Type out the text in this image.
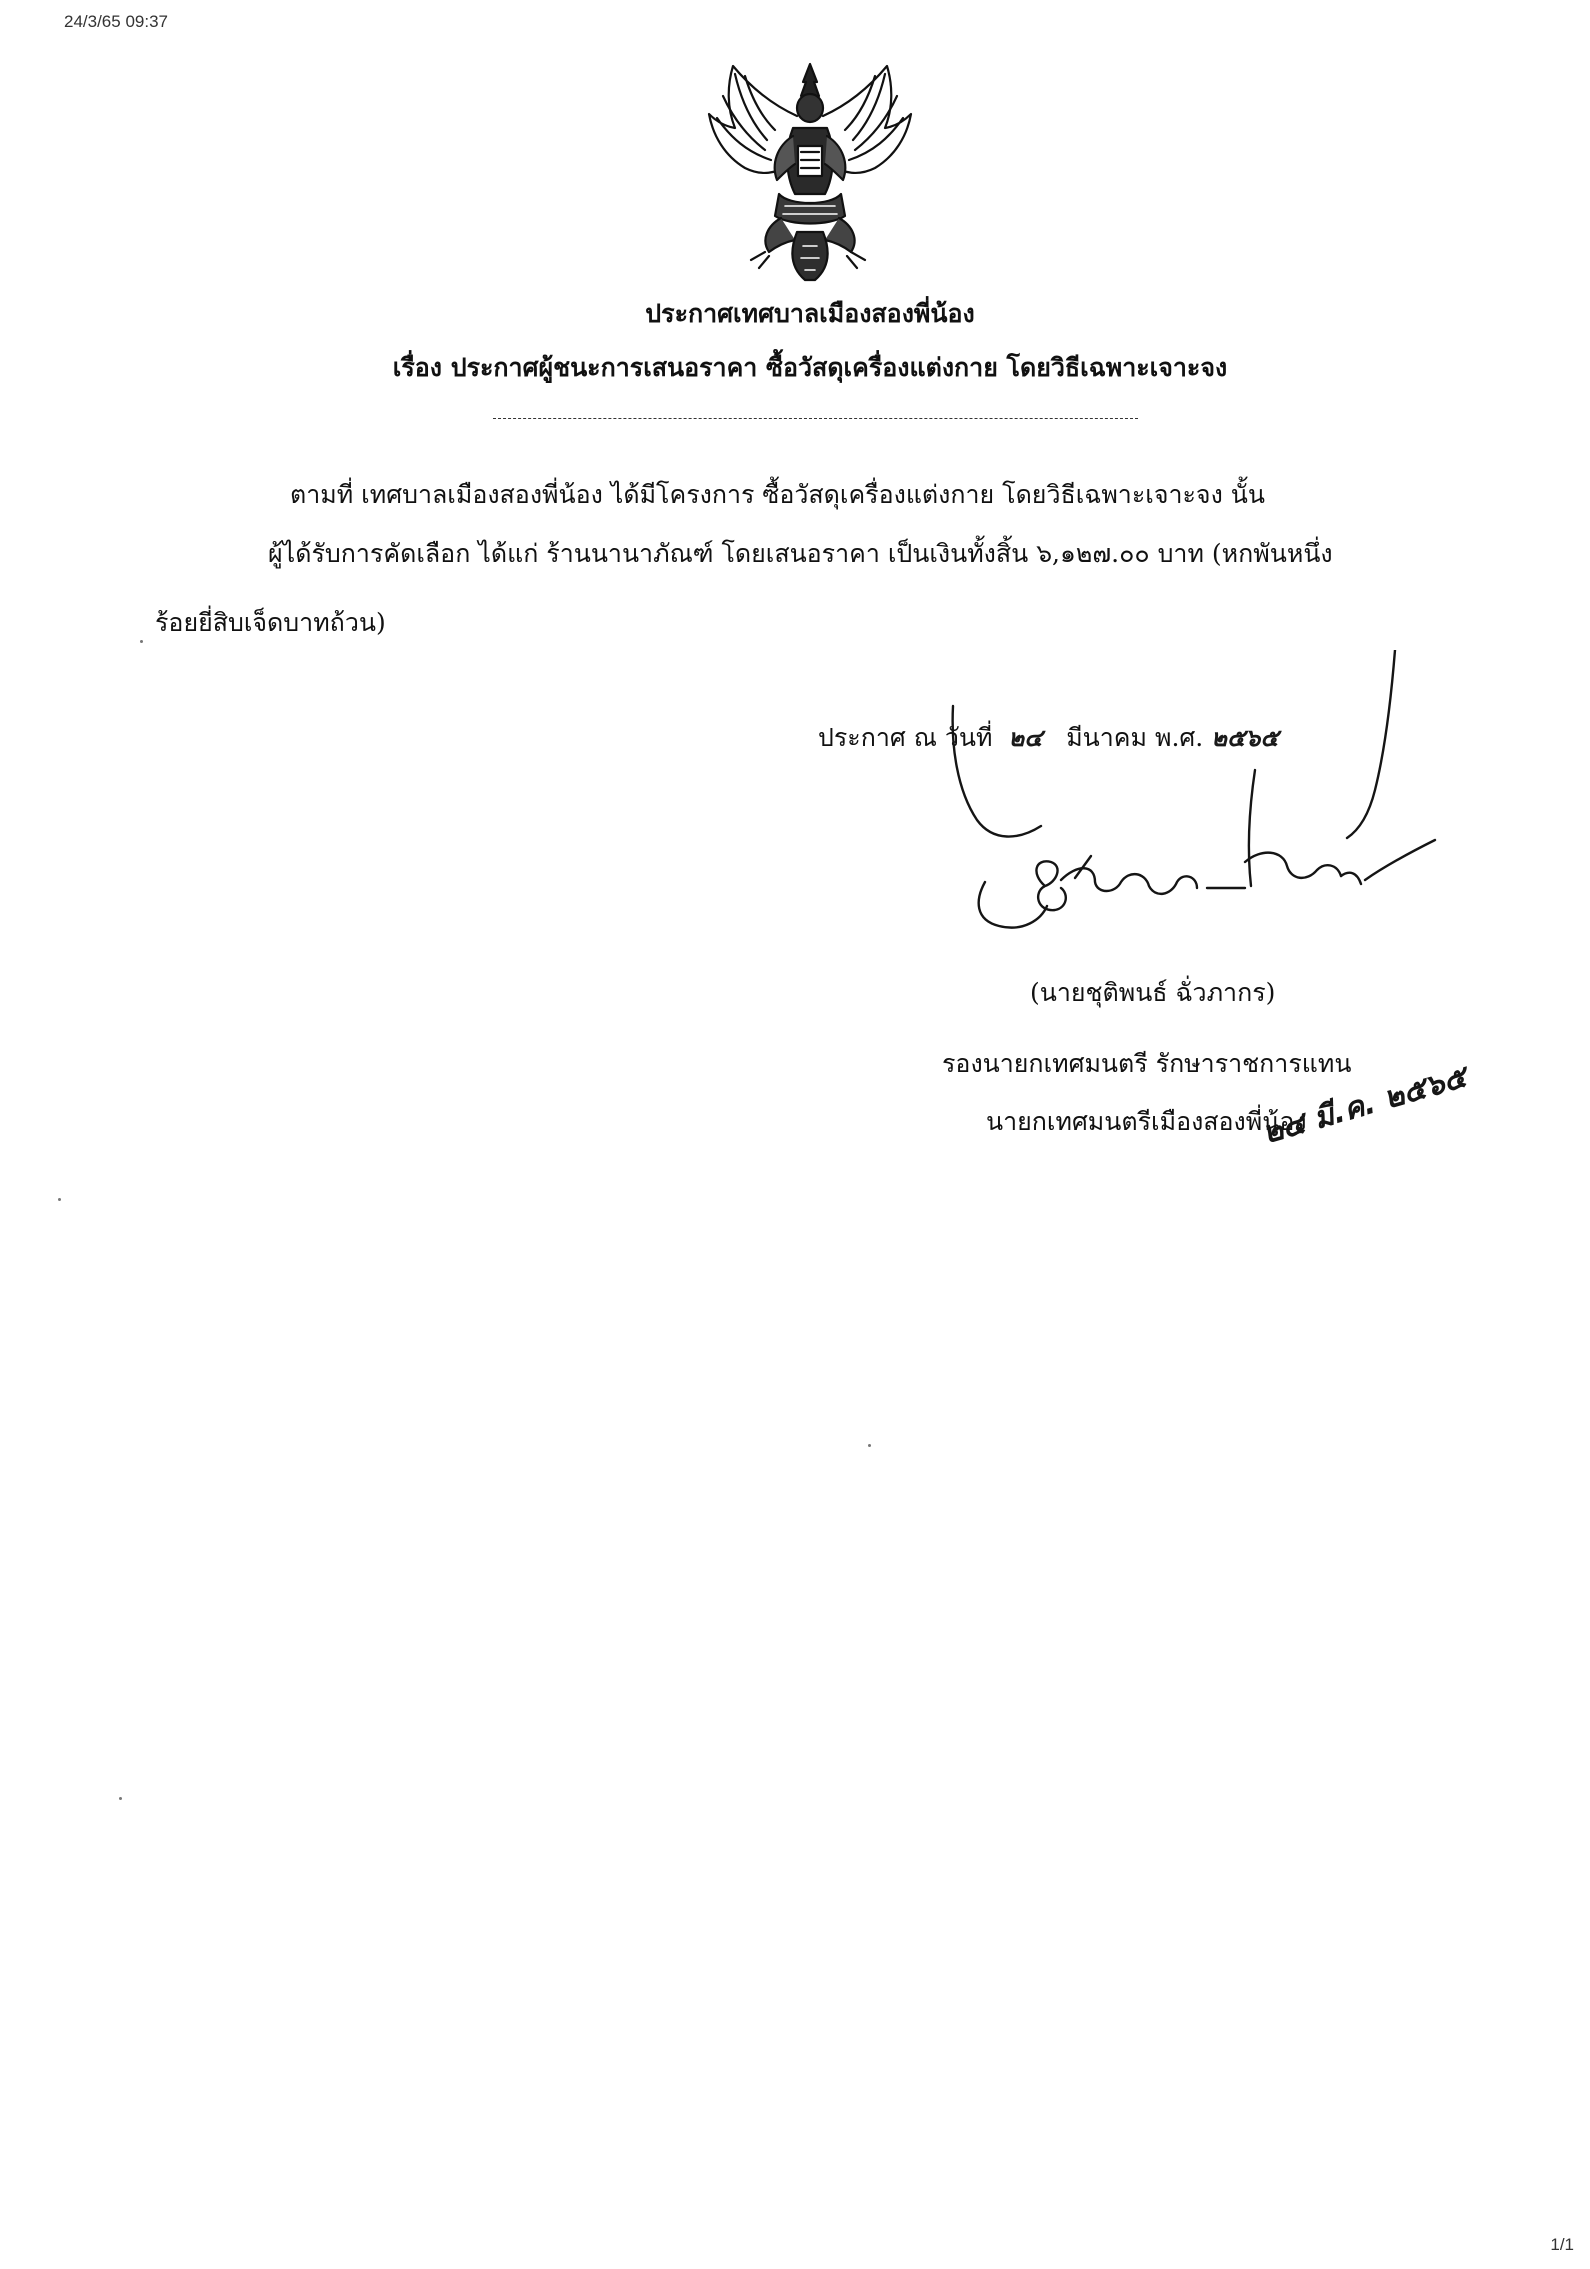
24/3/65 09:37
ประกาศเทศบาลเมืองสองพี่น้อง
เรื่อง ประกาศผู้ชนะการเสนอราคา ซื้อวัสดุเครื่องแต่งกาย โดยวิธีเฉพาะเจาะจง
ตามที่ เทศบาลเมืองสองพี่น้อง ได้มีโครงการ ซื้อวัสดุเครื่องแต่งกาย โดยวิธีเฉพาะเจาะจง นั้น
ผู้ได้รับการคัดเลือก ได้แก่ ร้านนานาภัณฑ์ โดยเสนอราคา เป็นเงินทั้งสิ้น ๖,๑๒๗.๐๐ บาท (หกพันหนึ่ง
ร้อยยี่สิบเจ็ดบาทถ้วน)
ประกาศ ณ วันที่ ๒๔ มีนาคม พ.ศ. ๒๕๖๕
(นายชุติพนธ์ ฉั่วภากร)
รองนายกเทศมนตรี รักษาราชการแทน
นายกเทศมนตรีเมืองสองพี่น้อง
๒๔ มี.ค. ๒๕๖๕
1/1
